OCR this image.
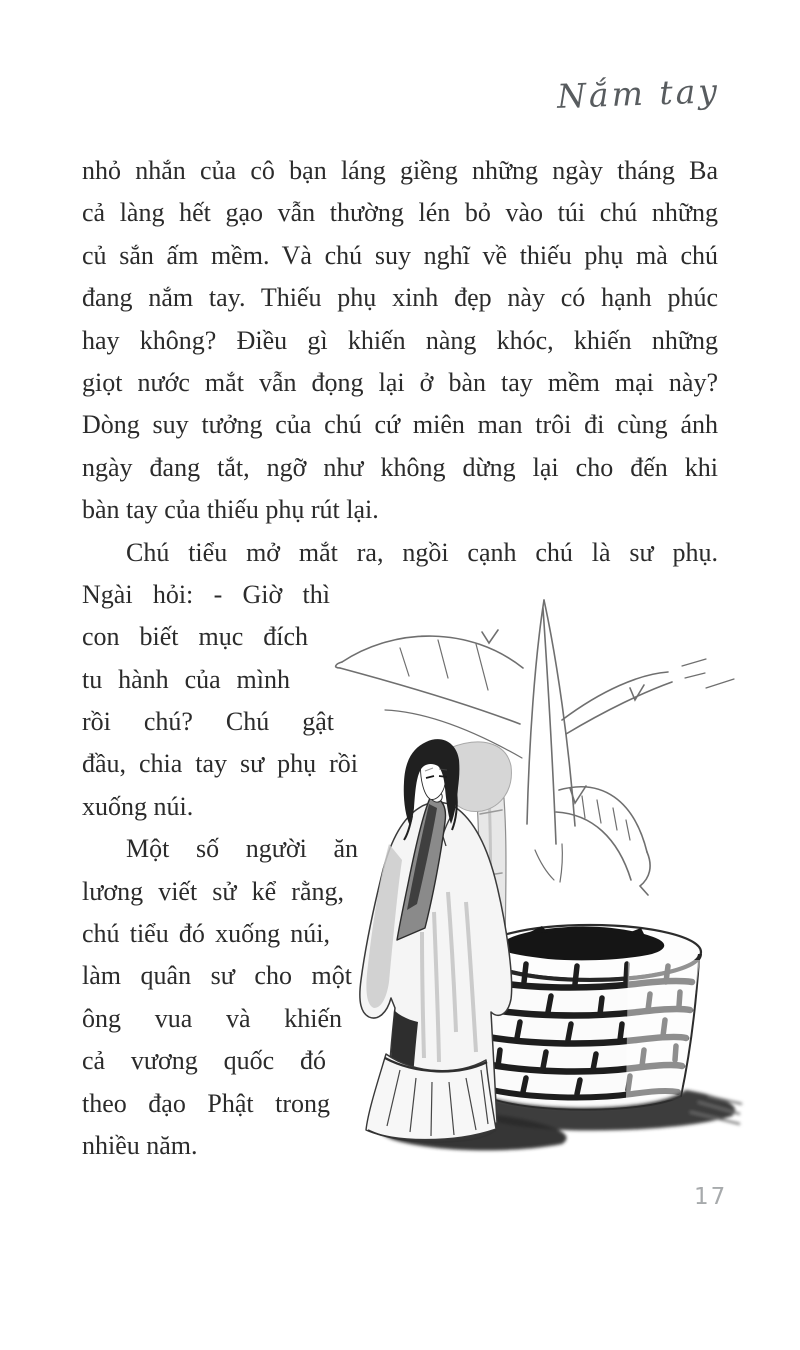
Nắm tay
nhỏ nhắn của cô bạn láng giềng những ngày tháng Ba
cả làng hết gạo vẫn thường lén bỏ vào túi chú những
củ sắn ấm mềm. Và chú suy nghĩ về thiếu phụ mà chú
đang nắm tay. Thiếu phụ xinh đẹp này có hạnh phúc
hay không? Điều gì khiến nàng khóc, khiến những
giọt nước mắt vẫn đọng lại ở bàn tay mềm mại này?
Dòng suy tưởng của chú cứ miên man trôi đi cùng ánh
ngày đang tắt, ngỡ như không dừng lại cho đến khi
bàn tay của thiếu phụ rút lại.
Chú tiểu mở mắt ra, ngồi cạnh chú là sư phụ.
Ngài hỏi: - Giờ thì
con biết mục đích
tu hành của mình
rồi chú? Chú gật
đầu, chia tay sư phụ rồi
xuống núi.
Một số người ăn
lương viết sử kể rằng,
chú tiểu đó xuống núi,
làm quân sư cho một
ông vua và khiến
cả vương quốc đó
theo đạo Phật trong
nhiều năm.
17
